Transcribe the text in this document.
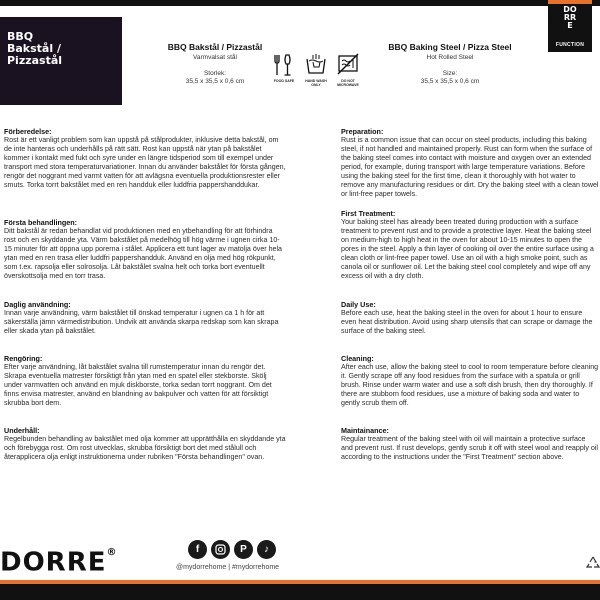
BBQ
Bakstål /
Pizzastål
DO
RR
E
FUNCTION
BBQ Bakstål / Pizzastål
Varmvalsat stål
Storlek:
35,5 x 35,5 x 0,6 cm	FOOD SAFE	HAND WASH ONLY
DO NOT MICROWAVE
BBQ Baking Steel / Pizza Steel
Hot Rolled Steel
Size:
35,5 x 35,5 x 0,6 cm
Förberedelse:

Rost är ett vanligt problem som kan uppstå på stålprodukter, inklusive detta bakstål, om de inte hanteras och underhålls på rätt sätt. Rost kan uppstå när ytan på bakstålet kommer i kontakt med fukt och syre under en längre tidsperiod som till exempel under transport med stora temperaturvariationer. Innan du använder bakstålet för första gången, rengör det noggrant med varmt vatten för att avlägsna eventuella produktionsrester eller smuts. Torka torrt bakstålet med en ren handduk eller luddfria pappershanddukar.

Första behandlingen:

Ditt bakstål är redan behandlat vid produktionen med en ytbehandling för att förhindra rost och en skyddande yta. Värm bakstålet på medelhög till hög värme i ugnen cirka 10-15 minuter för att öppna upp porerna i stålet. Applicera ett tunt lager av matolja över hela ytan med en ren trasa eller luddfri pappershandduk. Använd en olja med hög rökpunkt, som t.ex. rapsolja eller solrosolja. Låt bakstålet svalna helt och torka bort eventuellt överskottsolja med en torr trasa.

Daglig användning:

Innan varje användning, värm bakstålet till önskad temperatur i ugnen ca 1 h för att säkerställa jämn värmedistribution. Undvik att använda skarpa redskap som kan skrapa eller skada ytan på bakstålet.

Rengöring:

Efter varje användning, låt bakstålet svalna till rumstemperatur innan du rengör det. Skrapa eventuella matrester försiktigt från ytan med en spatel eller stekborste. Skölj under varmvatten och använd en mjuk diskborste, torka sedan torrt noggrant. Om det finns envisa matrester, använd en blandning av bakpulver och vatten för att försiktigt skrubba bort dem.

Underhåll:

Regelbunden behandling av bakstålet med olja kommer att upprätthålla en skyddande yta och förebygga rost. Om rost utvecklas, skrubba försiktigt bort det med stålull och återapplicera olja enligt instruktionerna under rubriken "Första behandlingen" ovan.

Preparation:

Rust is a common issue that can occur on steel products, including this baking steel, if not handled and maintained properly. Rust can form when the surface of the baking steel comes into contact with moisture and oxygen over an extended period, for example, during transport with large temperature variations. Before using the baking steel for the first time, clean it thoroughly with hot water to remove any manufacturing residues or dirt. Dry the baking steel with a clean towel or lint-free paper towels.

First Treatment:

Your baking steel has already been treated during production with a surface treatment to prevent rust and to provide a protective layer. Heat the baking steel on medium-high to high heat in the oven for about 10-15 minutes to open the pores in the steel. Apply a thin layer of cooking oil over the entire surface using a clean cloth or lint-free paper towel. Use an oil with a high smoke point, such as canola oil or sunflower oil. Let the baking steel cool completely and wipe off any excess oil with a dry cloth.

Daily Use:

Before each use, heat the baking steel in the oven for about 1 hour to ensure even heat distribution. Avoid using sharp utensils that can scrape or damage the surface of the baking steel.

Cleaning:

After each use, allow the baking steel to cool to room temperature before cleaning it. Gently scrape off any food residues from the surface with a spatula or grill brush. Rinse under warm water and use a soft dish brush, then dry thoroughly. If there are stubborn food residues, use a mixture of baking soda and water to gently scrub them off.

Maintainance:

Regular treatment of the baking steel with oil will maintain a protective surface and prevent rust. If rust develops, gently scrub it off with steel wool and reapply oil according to the instructions under the "First Treatment" section above.

DORRE®	f	P	♪
@mydorrehome | #mydorrehome
